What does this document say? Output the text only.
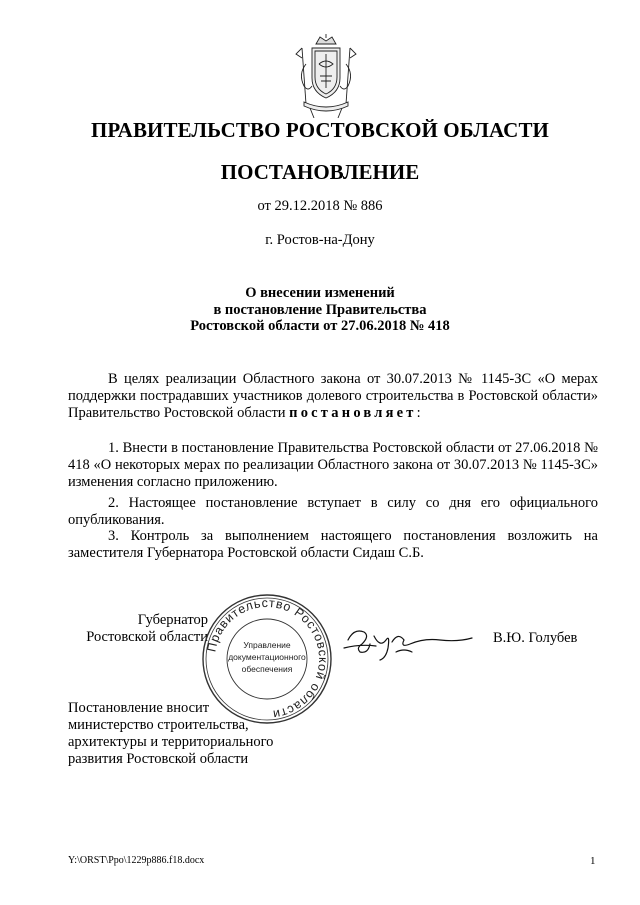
ПРАВИТЕЛЬСТВО РОСТОВСКОЙ ОБЛАСТИ
ПОСТАНОВЛЕНИЕ
от 29.12.2018 № 886
г. Ростов-на-Дону
О внесении изменений
в постановление Правительства
Ростовской области от 27.06.2018 № 418

В целях реализации Областного закона от 30.07.2013 № 1145-ЗС «О мерах поддержки пострадавших участников долевого строительства в Ростовской области» Правительство Ростовской области постановляет:

1. Внести в постановление Правительства Ростовской области от 27.06.2018 № 418 «О некоторых мерах по реализации Областного закона от 30.07.2013 № 1145-ЗС» изменения согласно приложению.

2. Настоящее постановление вступает в силу со дня его официального опубликования.

3. Контроль за выполнением настоящего постановления возложить на заместителя Губернатора Ростовской области Сидаш С.Б.

Губернатор
Ростовской области
Правительство Ростовской области
Управление
документационного
обеспечения
В.Ю. Голубев
Постановление вносит
министерство строительства,
архитектуры и территориального
развития Ростовской области
Y:\ORST\Ppo\1229p886.f18.docx	1
